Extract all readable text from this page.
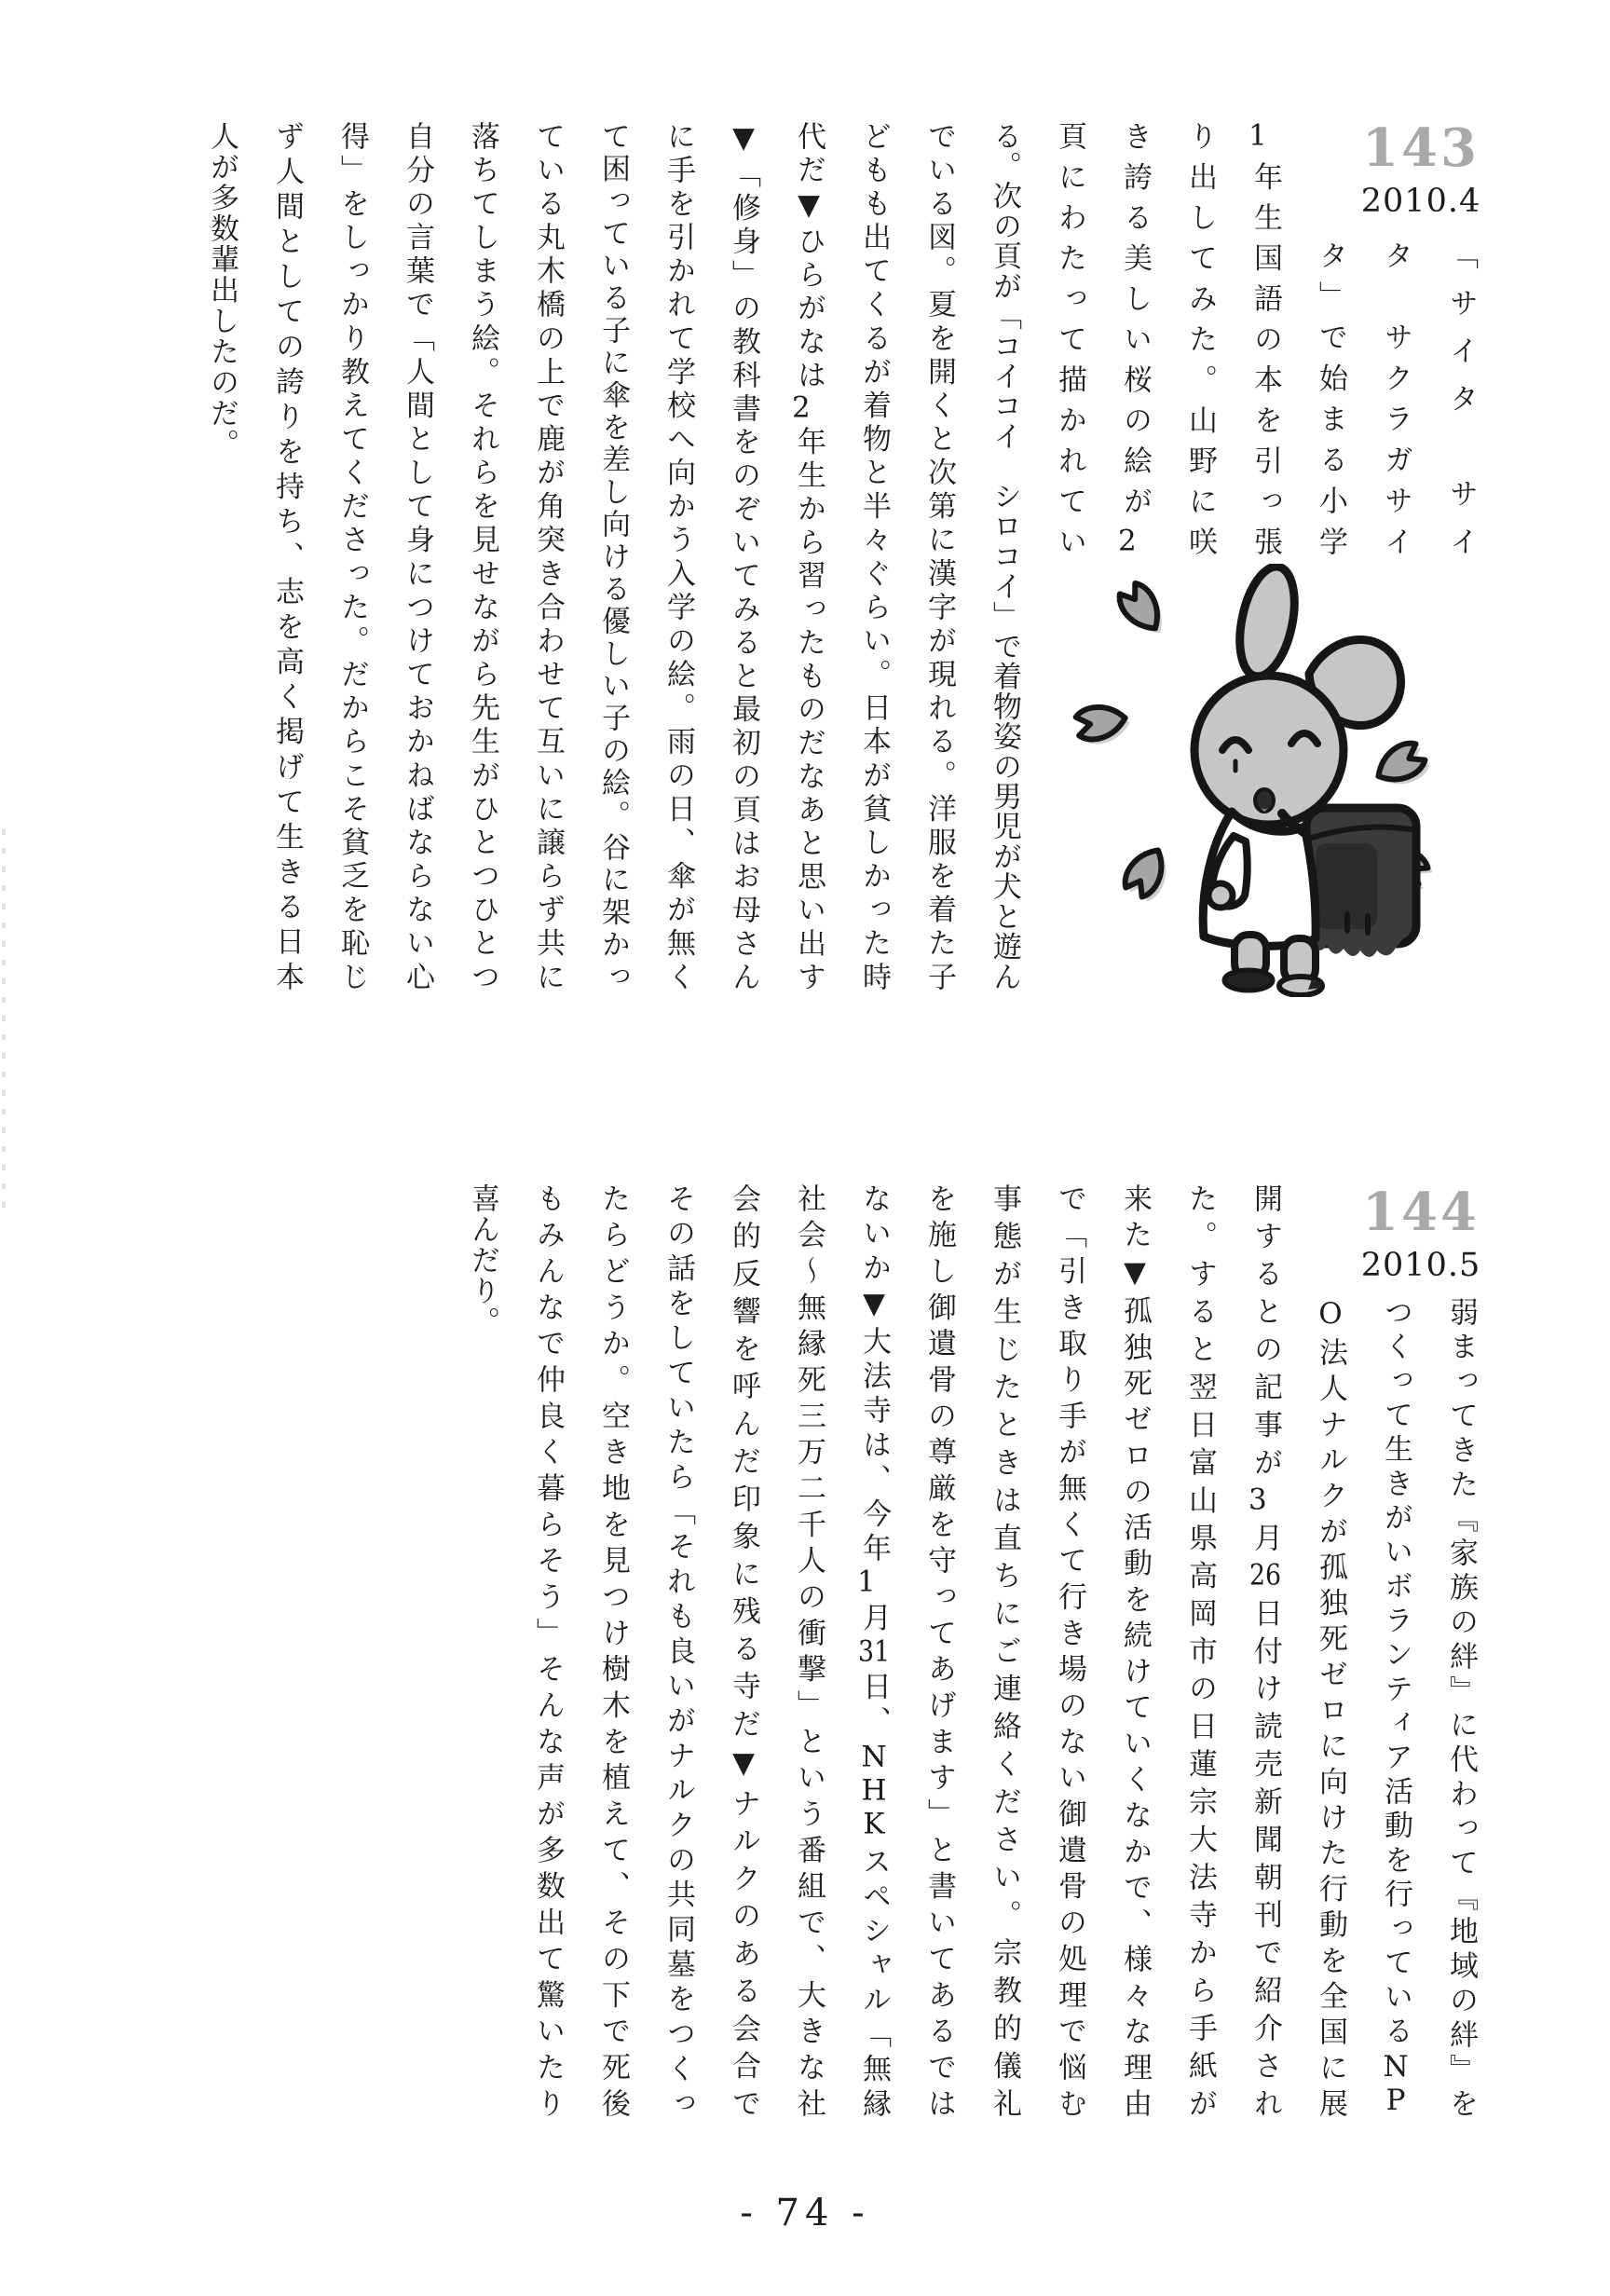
143
2010.4
「サイタ　サイ
タ　サクラガサイ
タ」で始まる小学
1年生国語の本を引っ張
り出してみた。山野に咲
き誇る美しい桜の絵が2
頁にわたって描かれてい
る。次の頁が「コイコイ　シロコイ」で着物姿の男児が犬と遊ん
でいる図。夏を開くと次第に漢字が現れる。洋服を着た子
どもも出てくるが着物と半々ぐらい。日本が貧しかった時
代だ▼ひらがなは2年生から習ったものだなあと思い出す
▼「修身」の教科書をのぞいてみると最初の頁はお母さん
に手を引かれて学校へ向かう入学の絵。雨の日、傘が無く
て困っている子に傘を差し向ける優しい子の絵。谷に架かっ
ている丸木橋の上で鹿が角突き合わせて互いに譲らず共に
落ちてしまう絵。それらを見せながら先生がひとつひとつ
自分の言葉で「人間として身につけておかねばならない心
得」をしっかり教えてくださった。だからこそ貧乏を恥じ
ず人間としての誇りを持ち、志を高く掲げて生きる日本
人が多数輩出したのだ。
144
2010.5
弱まってきた『家族の絆』に代わって『地域の絆』を
つくって生きがいボランティア活動を行っているNP
O法人ナルクが孤独死ゼロに向けた行動を全国に展
開するとの記事が3月26日付け読売新聞朝刊で紹介され
た。すると翌日富山県高岡市の日蓮宗大法寺から手紙が
来た▼孤独死ゼロの活動を続けていくなかで、様々な理由
で「引き取り手が無くて行き場のない御遺骨の処理で悩む
事態が生じたときは直ちにご連絡ください。宗教的儀礼
を施し御遺骨の尊厳を守ってあげます」と書いてあるでは
ないか▼大法寺は、今年1月31日、NHKスペシャル「無縁
社会～無縁死三万二千人の衝撃」という番組で、大きな社
会的反響を呼んだ印象に残る寺だ▼ナルクのある会合で
その話をしていたら「それも良いがナルクの共同墓をつくっ
たらどうか。空き地を見つけ樹木を植えて、その下で死後
もみんなで仲良く暮らそう」そんな声が多数出て驚いたり
喜んだり。
- 74 -
